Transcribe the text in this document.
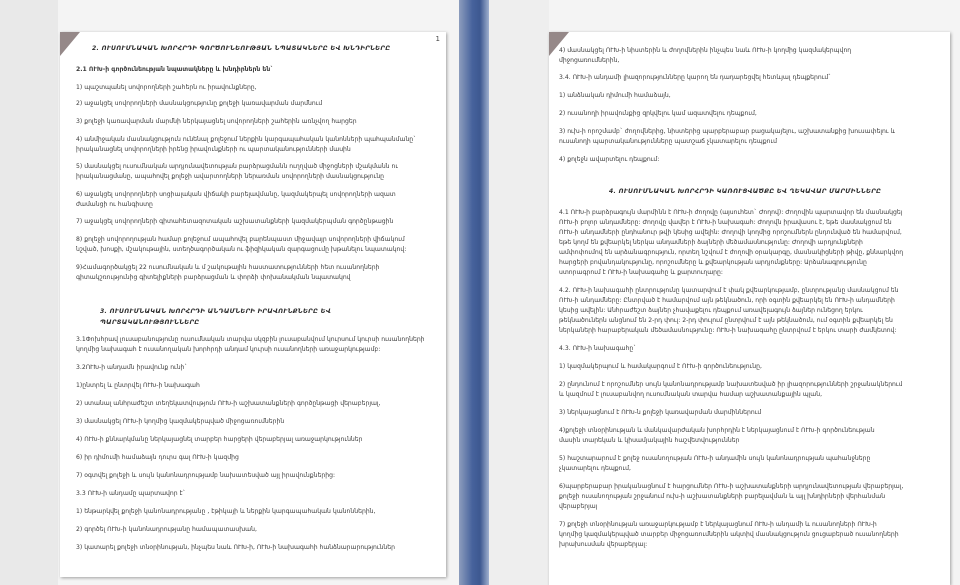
1
2. ՈՒՍՈՒՄՆԱԿԱՆ ԽՈՐՀՐԴԻ ԳՈՐԾՈՒՆԵՈՒԹՅԱՆ ՆՊԱՏԱԿՆԵՐԸ ԵՎ ԽՆԴԻՐՆԵՐԸ
2.1 ՈՒԽ-ի գործունեության նպատակները և խնդիրներն են`
1) պաշտպանել սովորողների շահերն ու իրավունքները,
2) աջակցել սովորողների մասնակցությունը քոլեջի կառավարման մարմնում
3) քոլեջի կառավարման մարմնի ներկայացնել սովորողների շահերին առնչվող հարցեր
4) անմիջական մասնակցություն ունենալ քոլեջում ներքին կարգապահական կանոնների պահպանմանը`
իրականացնել սովորողների իրենց իրավունքների ու պարտականությունների մասին
5) մասնակցել ուսումնական արդյունավետության բարձրացմանն ուղղված միջոցների մշակմանն ու
իրականացմանը, ապահովել քոլեջի ավարտողների ներառման սովորողների մասնակցությունը
6) աջակցել սովորողների սոցիալական վիճակի բարելավմանը, կազմակերպել սովորողների ազատ
ժամանցի ու հանգիստը
7) աջակցել սովորողների գիտահետազոտական աշխատանքների կազմակերպման գործընթացին
8) քոլեջի սովորողության համար քոլեջում ապահովել բարենպաստ միջավայր սովորողների վիճակում
նշված, խոսքի, մշակութային, ստեղծագործական ու ֆիզիկական զարգացումը խթանելու նպատակով:
9)Համագործակցել 22 ուսումնական և մ շակութային հաստատությունների հետ ուսանողների
գիտակշռությունից գիտելիքների բարձրացման և փորձի փոխանակման նպատակով
3. ՈՒՍՈՒՄՆԱԿԱՆ ԽՈՐՀՐԴԻ ԱՆԴԱՄՆԵՐԻ ԻՐԱՎՈՒՆՔՆԵՐԸ ԵՎ
ՊԱՐՏԱԿԱՆՈՒԹՅՈՒՆՆԵՐԸ
3.1Փոխհրավ լուսաբանությունը ուսումնական տարվա սկզբին լուսաբանվում կուրսում կուրսի ուսանողների
կողմից նախագահ է ուսանողական խորհրդի անդամ կուրսի ուսանողների առաջարկությամբ:
3.2ՈՒԽ-ի անդամն իրավունք ունի`
1)ընտրել և ընտրվել ՈՒԽ-ի նախագահ
2) ստանալ անհրաժեշտ տեղեկատվություն ՈՒԽ-ի աշխատանքների գործընթացի վերաբերյալ,
3) մասնակցել ՈՒԽ-ի կողմից կազմակերպված միջոցառումներին
4) ՈՒԽ-ի քննարկմանը ներկայացնել տարբեր հարցերի վերաբերյալ առաջարկություններ
6) իր դիմումի համաձայն դուրս գալ ՈՒԽ-ի կազմից
7) օգտվել քոլեջի և սույն կանոնադրությամբ նախատեսված այլ իրավունքներից:
3.3 ՈՒԽ-ի անդամը պարտավոր է`
1) ենթարկվել քոլեջի կանոնադրությանը , էթիկայի և ներքին կարգապահական կանոններին,
2) գործել ՈՒԽ-ի կանոնադրությանը համապատասխան,
3) կատարել քոլեջի տնօրինության, ինչպես նաև ՈՒԽ-ի, ՈՒԽ-ի նախագահի հանձնարարություններ
4) մասնակցել ՈՒԽ-ի նիստերին և ժողովներին ինչպես նաև ՈՒԽ-ի կողմից կազմակերպվող
միջոցառումներին,
3.4. ՈՒԽ-ի անդամի լիազորությունները կարող են դադարեցվել հետևյալ դեպքերում`
1) անձնական դիմումի համաձայն,
2) ուսանողի իրավունքից զրկվելու կամ ազատվելու դեպքում,
3) ուխ-ի որոշմամբ` ժողովներից, նիստերից պարբերաբար բացակայելու, աշխատանքից խուսափելու և
ուսանողի պարտականությունները պատշաճ չկատարելու դեպքում
4) քոլեջն ավարտելու դեպքում:
4. ՈՒՍՈՒՄՆԱԿԱՆ ԽՈՐՀՐԴԻ ԿԱՌՈՒՑՎԱԾՔԸ ԵՎ ՂԵԿԱՎԱՐ ՄԱՐՄԻՆՆԵՐԸ
4.1 ՈՒԽ-ի բարձրագույն մարմինն է ՈՒԽ-ի ժողովը (այսուհետ` Ժողով): Ժողովին պարտավոր են մասնակցել
ՈՒԽ-ի բոլոր անդամները: Ժողովը վավեր է ՈՒԽ-ի նախագահ: Ժողովն իրավասու է, եթե մասնակցում են
ՈՒԽ-ի անդամների ընդհանուր թվի կեսից ավելին: Ժողովի կողմից որոշումներն ընդունված են համարվում,
եթե կողմ են քվեարկել ներկա անդամների ձայների մեծամասնությունը: Ժողովի արդյունքների
ամփոփումով են արձանագրություն, որտեղ նշվում է ժողովի օրակարգը, մասնակիցների թիվը, քննարկվող
հարցերի բովանդակությունը, որոշումները և քվեարկության արդյունքները: Արձանագրությունը
ստորագրում է ՈՒԽ-ի նախագահը և քարտուղարը:
4.2. ՈՒԽ-ի նախագահի ընտրությունը կատարվում է փակ քվեարկությամբ, ընտրությանը մասնակցում են
ՈՒԽ-ի անդամները: Ընտրված է համարվում այն թեկնածուն, որի օգտին քվեարկել են ՈՒԽ-ի անդամների
կեսից ավելին: Անհրաժեշտ ձայներ չհավաքելու դեպքում առավելագույն ձայներ ունեցող երկու
թեկնածուներն անցնում են 2-րդ փուլ: 2-րդ փուլում ընտրվում է այն թեկնածուն, ում օգտին քվեարկել են
ներկաների հարաբերական մեծամասնությունը: ՈՒԽ-ի նախագահը ընտրվում է երկու տարի ժամկետով:
4.3. ՈՒԽ-ի նախագահը`
1) կազմակերպում և համակարգում է ՈՒԽ-ի գործունեությունը,
2) ընդունում է որոշումներ սույն կանոնադրությամբ նախատեսված իր լիազորությունների շրջանակներում
և կազմում է լուսաբանվող ուսումնական տարվա համար աշխատանքային պլան,
3) ներկայացնում է ՈՒԽ-ն քոլեջի կառավարման մարմիններում
4)քոլեջի տնօրինության և մանկավարժական խորհրդին է ներկայացնում է ՈՒԽ-ի գործունեության
մասին տարեկան և կիսամյակային հաշվետվություններ
5) հաշտարարում է քոլեջ ուսանողության ՈՒԽ-ի անդամին սույն կանոնադրության պահանջները
չկատարելու դեպքում,
6)պարբերաբար իրականացնում է հարցումներ ՈՒԽ-ի աշխատանքների արդյունավետության վերաբերյալ,
քոլեջի ուսանողության շրջանում ուխ-ի աշխատանքների բարելավման և այլ խնդիրների վերհանման
վերաբերյալ
7) քոլեջի տնօրինության առաջարկությամբ է ներկայացնում ՈՒԽ-ի անդամի և ուսանողների ՈՒԽ-ի
կողմից կազմակերպված տարբեր միջոցառումներին ակտիվ մասնակցություն ցուցաբերած ուսանողների
խրախուսման վերաբերյալ:
